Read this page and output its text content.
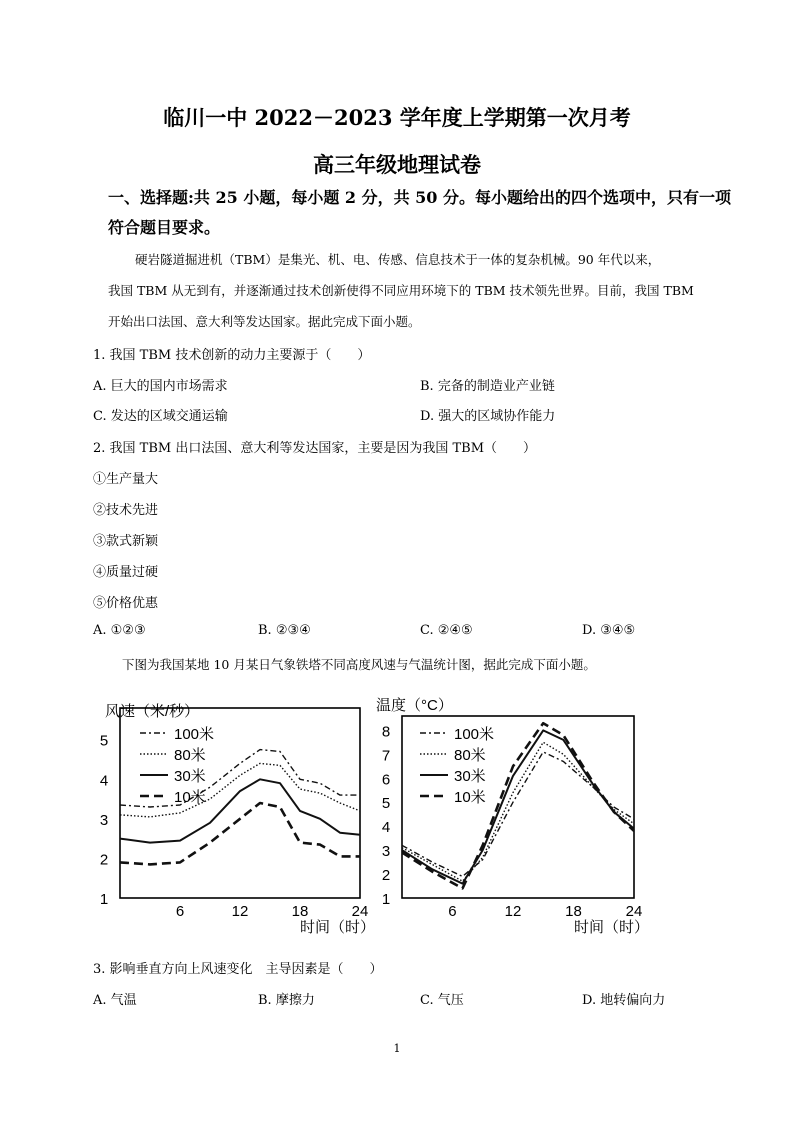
临川一中 2022－2023 学年度上学期第一次月考
高三年级地理试卷
一、选择题:共 25 小题，每小题 2 分，共 50 分。每小题给出的四个选项中，只有一项
符合题目要求。
硬岩隧道掘进机（TBM）是集光、机、电、传感、信息技术于一体的复杂机械。90 年代以来，
我国 TBM 从无到有，并逐渐通过技术创新使得不同应用环境下的 TBM 技术领先世界。目前，我国 TBM
开始出口法国、意大利等发达国家。据此完成下面小题。
1. 我国 TBM 技术创新的动力主要源于（　　）
A. 巨大的国内市场需求	B. 完备的制造业产业链
C. 发达的区域交通运输	D. 强大的区域协作能力
2. 我国 TBM 出口法国、意大利等发达国家，主要是因为我国 TBM（　　）
①生产量大
②技术先进
③款式新颖
④质量过硬
⑤价格优惠
A. ①②③	B. ②③④	C. ②④⑤	D. ③④⑤
下图为我国某地 10 月某日气象铁塔不同高度风速与气温统计图，据此完成下面小题。
风速（米/秒）
时间（时）
1
2
3
4
5
6	12	18	24
100米
80米
30米
10米
温度（°C）
时间（时）
1
2
3
4
5
6
7
8
6	12	18	24
100米
80米
30米
10米
3. 影响垂直方向上风速变化　主导因素是（　　）
A. 气温	B. 摩擦力	C. 气压	D. 地转偏向力
1
